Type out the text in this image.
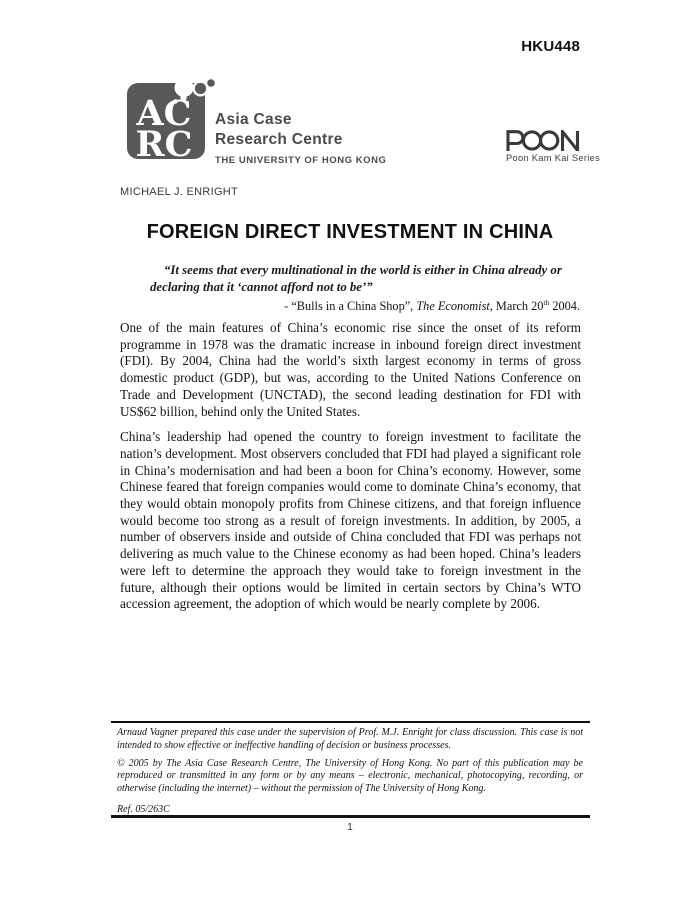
HKU448
AC
RC
Asia Case
Research Centre
THE UNIVERSITY OF HONG KONG	Poon Kam Kai Series
MICHAEL J. ENRIGHT
FOREIGN DIRECT INVESTMENT IN CHINA
“It seems that every multinational in the world is either in China already or declaring that it ‘cannot afford not to be’”
- “Bulls in a China Shop”, The Economist, March 20th 2004.

One of the main features of China’s economic rise since the onset of its reform programme in 1978 was the dramatic increase in inbound foreign direct investment (FDI). By 2004, China had the world’s sixth largest economy in terms of gross domestic product (GDP), but was, according to the United Nations Conference on Trade and Development (UNCTAD), the second leading destination for FDI with US$62 billion, behind only the United States.

China’s leadership had opened the country to foreign investment to facilitate the nation’s development. Most observers concluded that FDI had played a significant role in China’s modernisation and had been a boon for China’s economy. However, some Chinese feared that foreign companies would come to dominate China’s economy, that they would obtain monopoly profits from Chinese citizens, and that foreign influence would become too strong as a result of foreign investments. In addition, by 2005, a number of observers inside and outside of China concluded that FDI was perhaps not delivering as much value to the Chinese economy as had been hoped. China’s leaders were left to determine the approach they would take to foreign investment in the future, although their options would be limited in certain sectors by China’s WTO accession agreement, the adoption of which would be nearly complete by 2006.

Arnaud Vagner prepared this case under the supervision of Prof. M.J. Enright for class discussion. This case is not intended to show effective or ineffective handling of decision or business processes.

© 2005 by The Asia Case Research Centre, The University of Hong Kong. No part of this publication may be reproduced or transmitted in any form or by any means – electronic, mechanical, photocopying, recording, or otherwise (including the internet) – without the permission of The University of Hong Kong.

Ref. 05/263C

1
